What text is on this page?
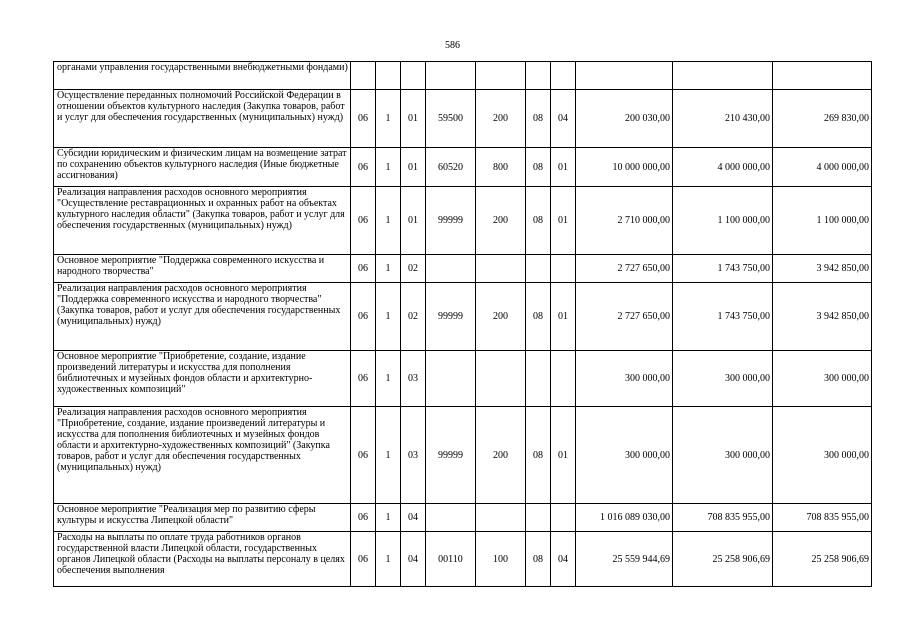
586
органами управления государственными внебюджетными фондами)										
Осуществление переданных полномочий Российской Федерации в отношении объектов культурного наследия (Закупка товаров, работ и услуг для обеспечения государственных (муниципальных) нужд)	06	1	01	59500	200	08	04	200 030,00	210 430,00	269 830,00
Субсидии юридическим и физическим лицам на возмещение затрат по сохранению объектов культурного наследия (Иные бюджетные ассигнования)	06	1	01	60520	800	08	01	10 000 000,00	4 000 000,00	4 000 000,00
Реализация направления расходов основного мероприятия "Осуществление реставрационных и охранных работ на объектах культурного наследия области" (Закупка товаров, работ и услуг для обеспечения государственных (муниципальных) нужд)	06	1	01	99999	200	08	01	2 710 000,00	1 100 000,00	1 100 000,00
Основное мероприятие "Поддержка современного искусства и народного творчества"	06	1	02					2 727 650,00	1 743 750,00	3 942 850,00
Реализация направления расходов основного мероприятия "Поддержка современного искусства и народного творчества" (Закупка товаров, работ и услуг для обеспечения государственных (муниципальных) нужд)	06	1	02	99999	200	08	01	2 727 650,00	1 743 750,00	3 942 850,00
Основное мероприятие "Приобретение, создание, издание произведений литературы и искусства для пополнения библиотечных и музейных фондов области и архитектурно-художественных композиций"	06	1	03					300 000,00	300 000,00	300 000,00
Реализация направления расходов основного мероприятия "Приобретение, создание, издание произведений литературы и искусства для пополнения библиотечных и музейных фондов области и архитектурно-художественных композиций" (Закупка товаров, работ и услуг для обеспечения государственных (муниципальных) нужд)	06	1	03	99999	200	08	01	300 000,00	300 000,00	300 000,00
Основное мероприятие "Реализация мер по развитию сферы культуры и искусства Липецкой области"	06	1	04					1 016 089 030,00	708 835 955,00	708 835 955,00
Расходы на выплаты по оплате труда работников органов государственной власти Липецкой области, государственных органов Липецкой области (Расходы на выплаты персоналу в целях обеспечения выполнения	06	1	04	00110	100	08	04	25 559 944,69	25 258 906,69	25 258 906,69
